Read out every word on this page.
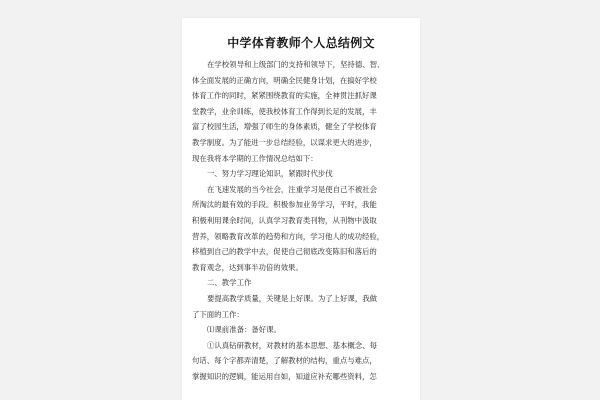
中学体育教师个人总结例文
在学校领导和上级部门的支持和领导下，坚持德、智、
体全面发展的正确方向，明确全民健身计划，在搞好学校
体育工作的同时，紧紧围绕教育的实施，全神贯注抓好课
堂教学，业余训练，使我校体育工作得到长足的发展，丰
富了校园生活，增强了师生的身体素质，健全了学校体育
教学制度。为了能进一步总结经验，以谋求更大的进步，
现在我将本学期的工作情况总结如下：
一、努力学习理论知识，紧跟时代步伐
在飞速发展的当今社会，注重学习是使自己不被社会
所淘汰的最有效的手段。积极参加业务学习，平时，我能
积极利用课余时间，认真学习教育类刊物，从刊物中汲取
营养，领略教育改革的趋势和方向，学习他人的成功经验，
移植到自己的教学中去，促使自己彻底改变陈旧和落后的
教育观念，达到事半功倍的效果。
二、教学工作
要提高教学质量，关键是上好课。为了上好课，我做
了下面的工作：
⑴课前准备：备好课。
①认真钻研教材，对教材的基本思想、基本概念、每
句话、每个字都弄清楚，了解教材的结构，重点与难点，
掌握知识的逻辑，能运用自如，知道应补充哪些资料，怎
